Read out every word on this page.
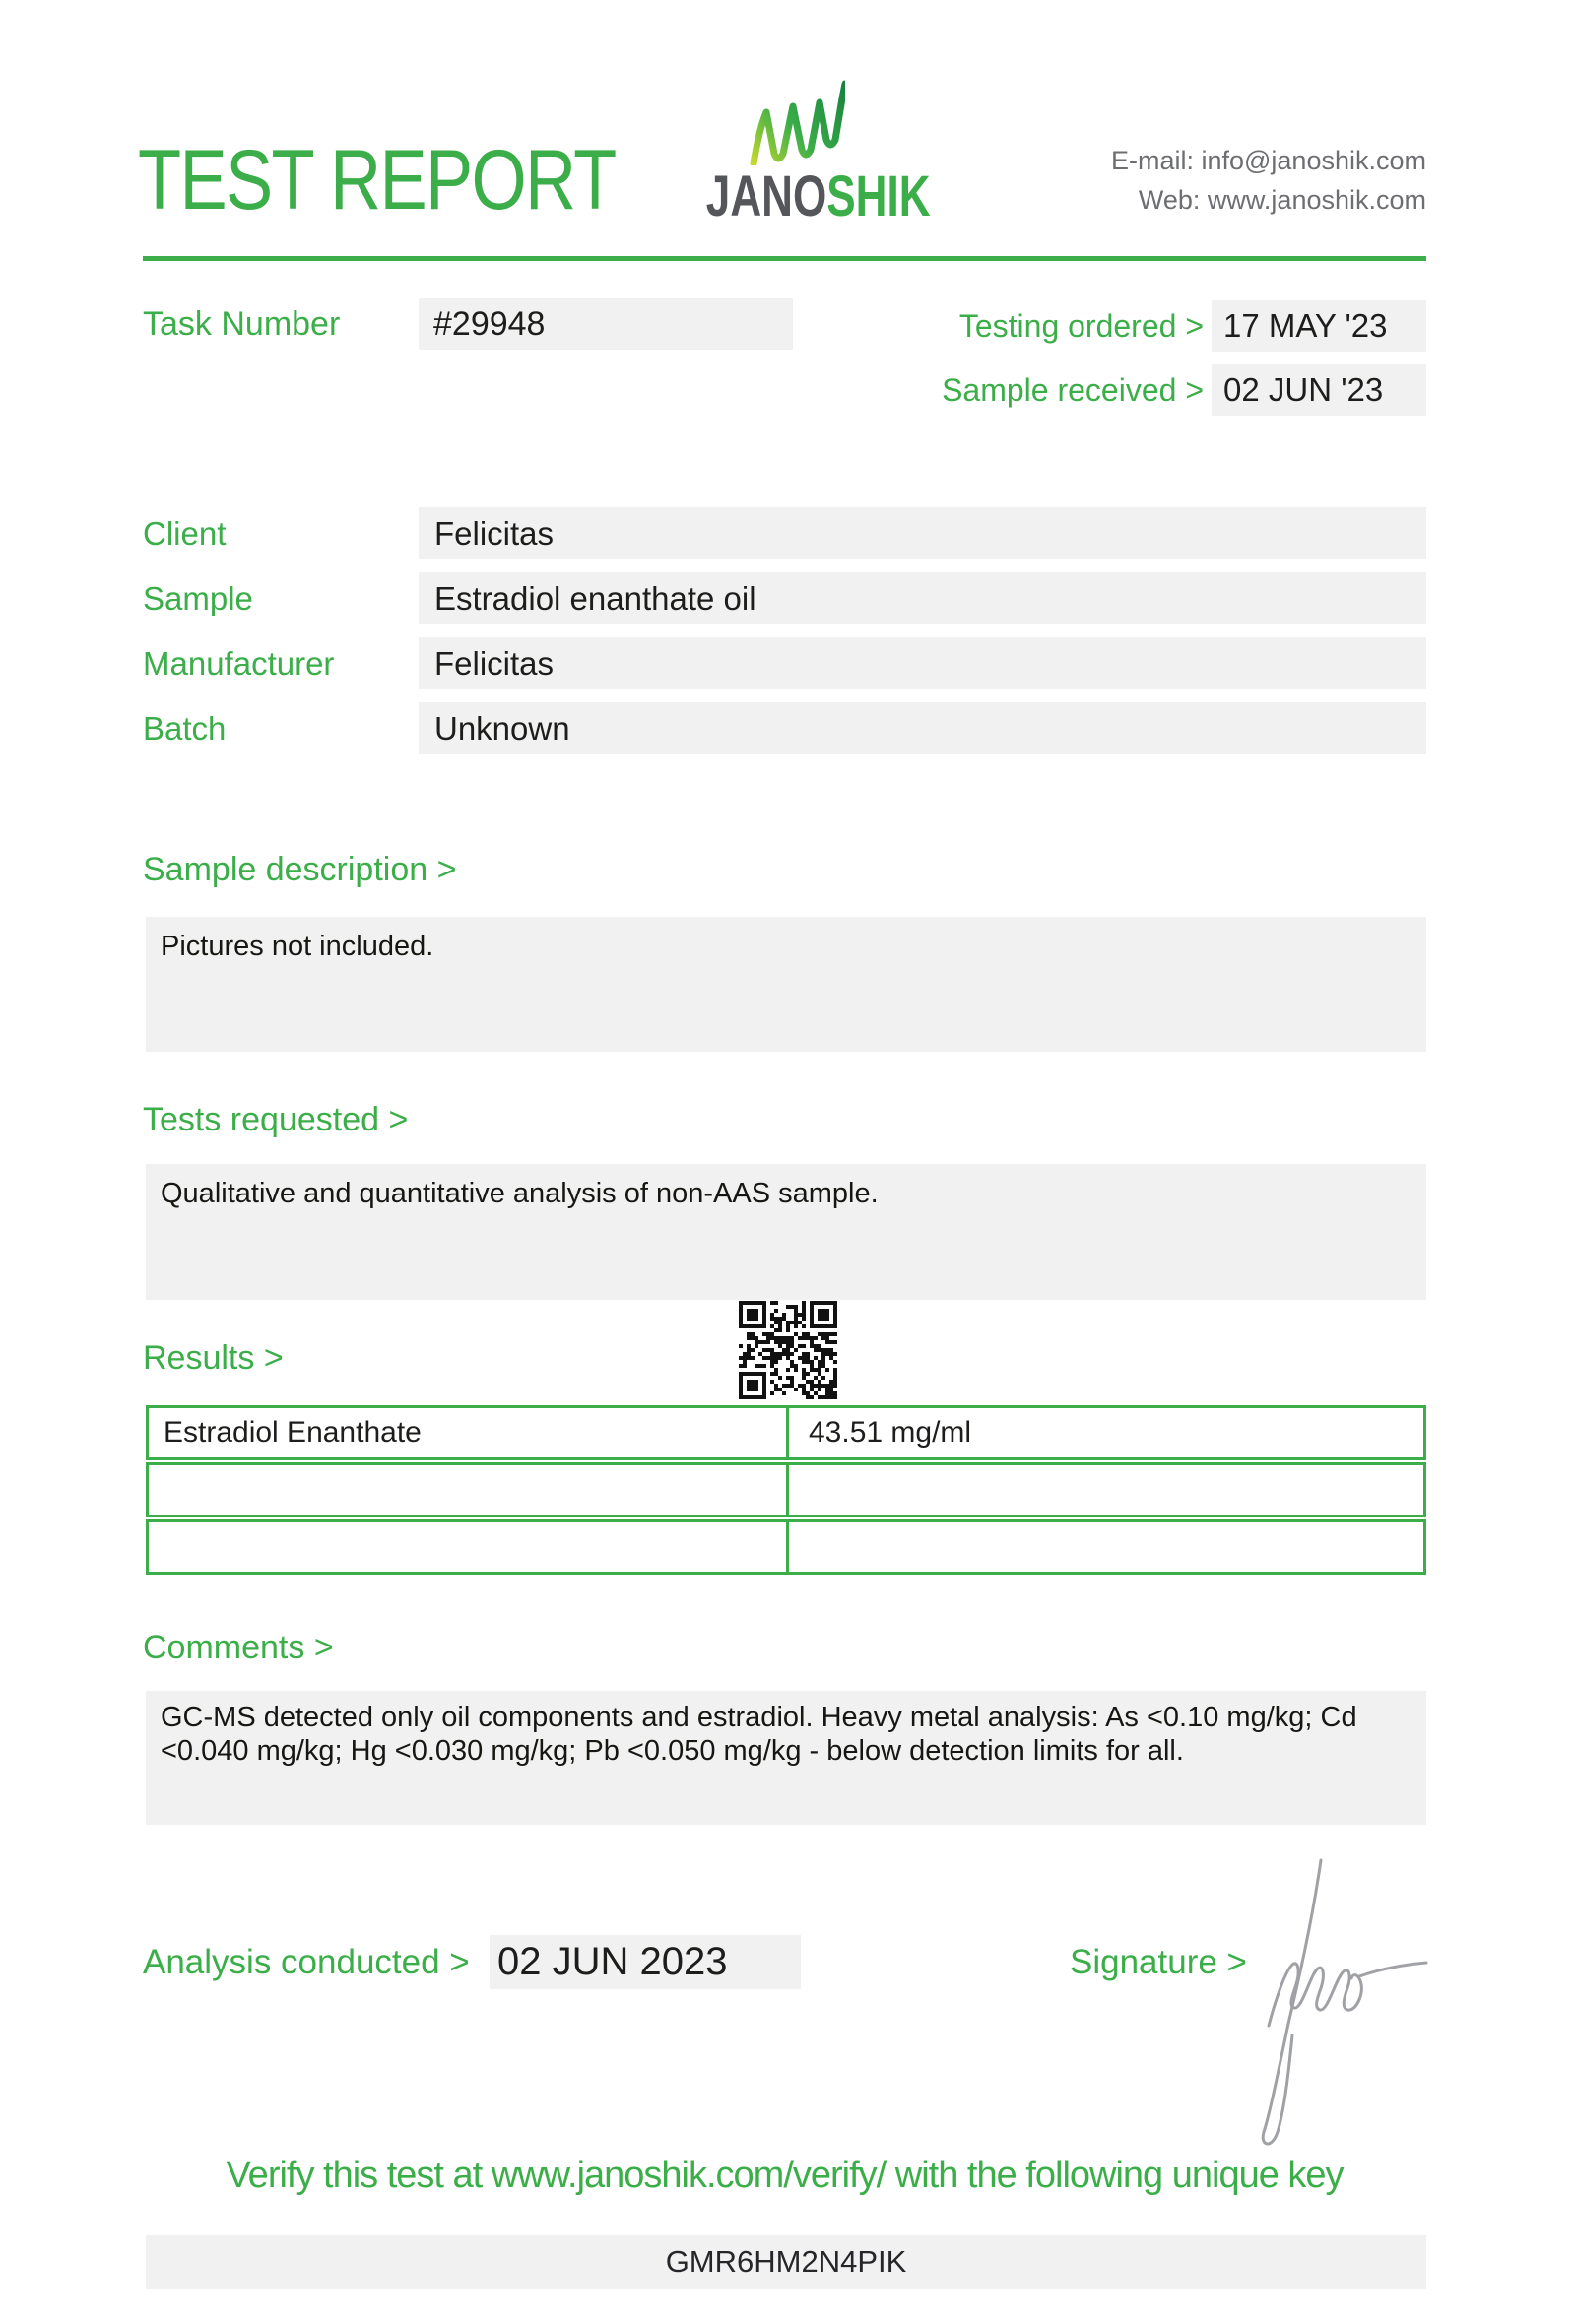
TEST REPORT JANOSHIK
E-mail: info@janoshik.com
Web: www.janoshik.com
Task Number	#29948	Testing ordered > 17 MAY '23
Sample received > 02 JUN '23
Client	Felicitas
Sample	Estradiol enanthate oil
Manufacturer	Felicitas
Batch	Unknown
Sample description >
Pictures not included.
Tests requested >
Qualitative and quantitative analysis of non-AAS sample.
Results >
Estradiol Enanthate	43.51 mg/ml
Comments >
GC-MS detected only oil components and estradiol. Heavy metal analysis: As <0.10 mg/kg; Cd <0.040 mg/kg; Hg <0.030 mg/kg; Pb <0.050 mg/kg - below detection limits for all.
Analysis conducted > 02 JUN 2023	Signature >
Verify this test at www.janoshik.com/verify/ with the following unique key
GMR6HM2N4PIK
